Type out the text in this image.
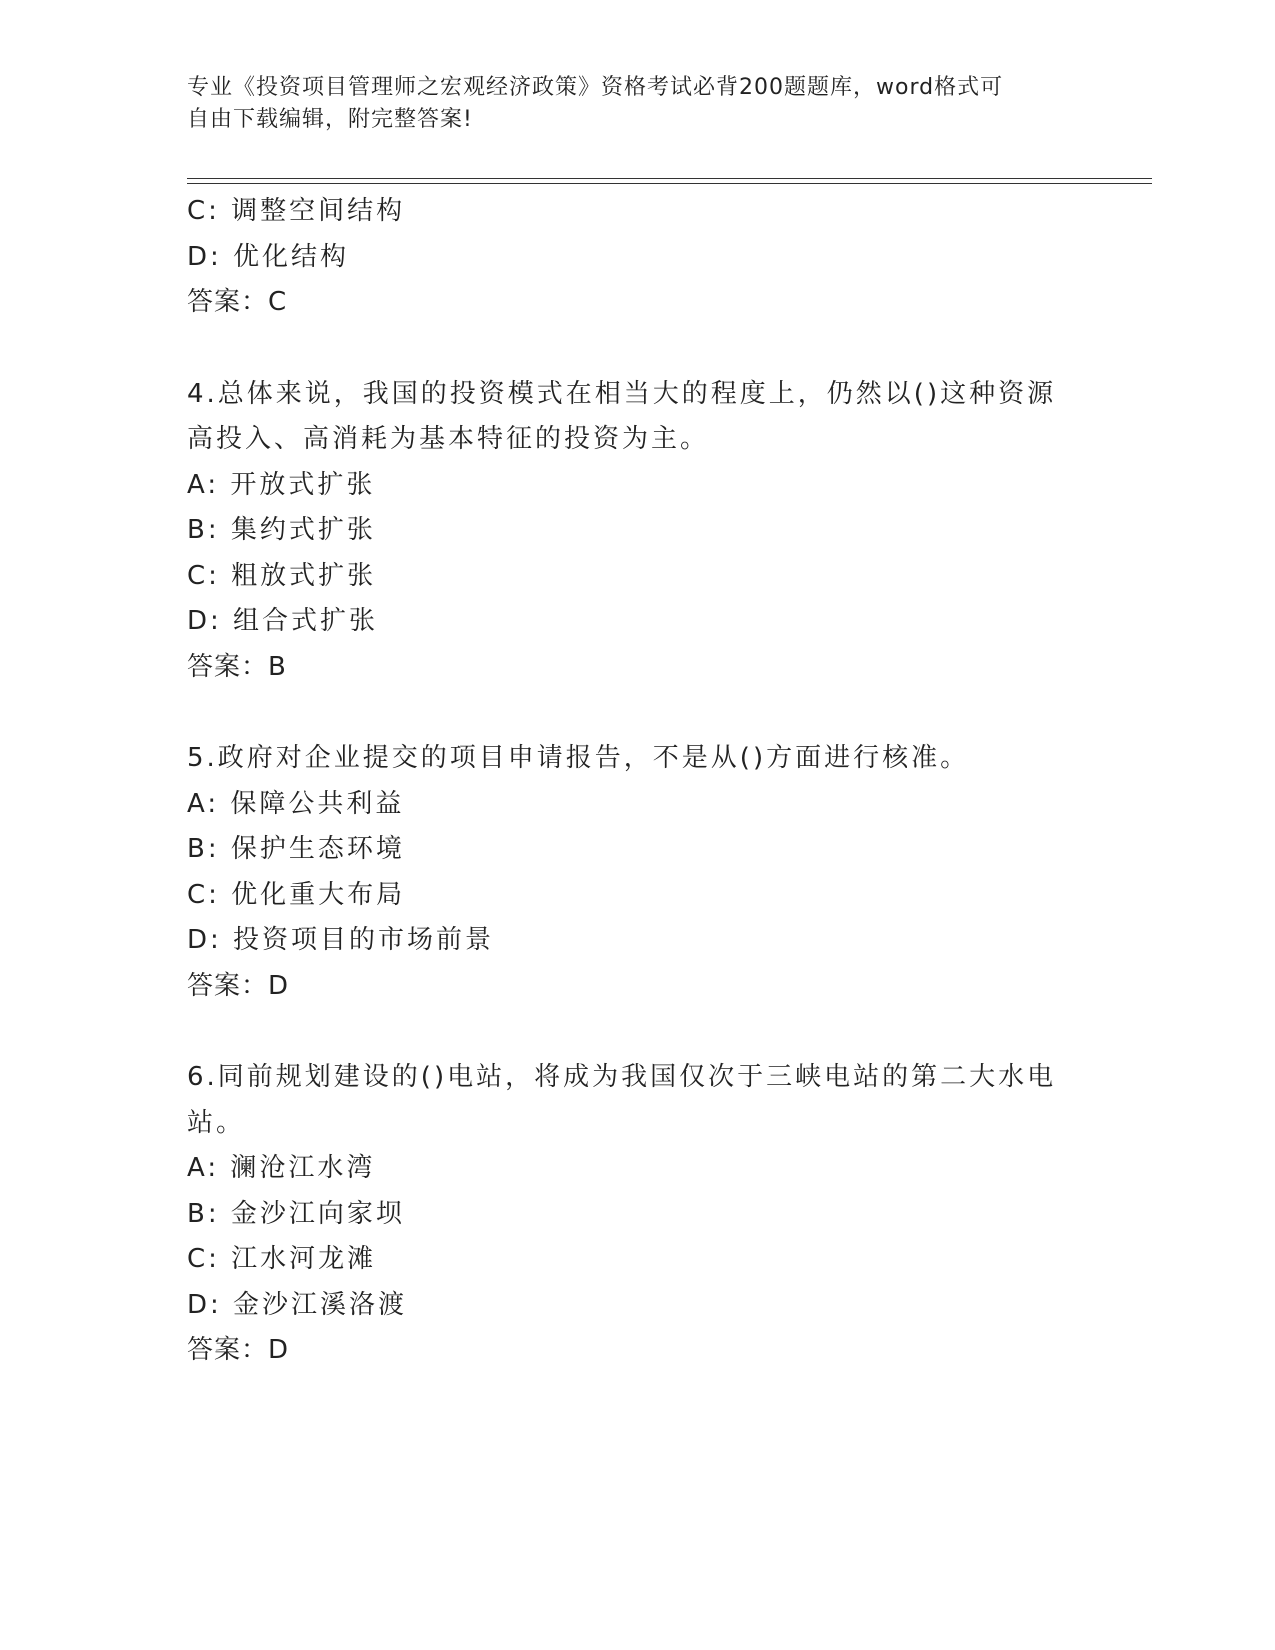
专业《投资项目管理师之宏观经济政策》资格考试必背200题题库，word格式可
自由下载编辑，附完整答案!
C: 调整空间结构
D: 优化结构
答案：C
4.总体来说，我国的投资模式在相当大的程度上，仍然以()这种资源
高投入、高消耗为基本特征的投资为主。
A: 开放式扩张
B: 集约式扩张
C: 粗放式扩张
D: 组合式扩张
答案：B
5.政府对企业提交的项目申请报告，不是从()方面进行核准。
A: 保障公共利益
B: 保护生态环境
C: 优化重大布局
D: 投资项目的市场前景
答案：D
6.同前规划建设的()电站，将成为我国仅次于三峡电站的第二大水电
站。
A: 澜沧江水湾
B: 金沙江向家坝
C: 江水河龙滩
D: 金沙江溪洛渡
答案：D
